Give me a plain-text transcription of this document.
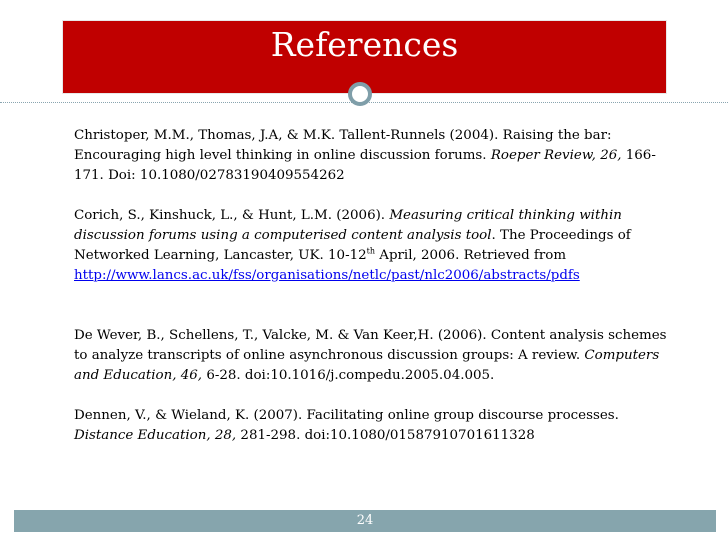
References

Christoper, M.M., Thomas, J.A, & M.K. Tallent-Runnels (2004). Raising the bar: Encouraging high level thinking in online discussion forums. Roeper Review, 26, 166-171. Doi: 10.1080/02783190409554262

Corich, S., Kinshuck, L., & Hunt, L.M. (2006). Measuring critical thinking within discussion forums using a computerised content analysis tool. The Proceedings of Networked Learning, Lancaster, UK. 10-12th April, 2006. Retrieved from
http://www.lancs.ac.uk/fss/organisations/netlc/past/nlc2006/abstracts/pdfs

De Wever, B., Schellens, T., Valcke, M. & Van Keer,H. (2006). Content analysis schemes to analyze transcripts of online asynchronous discussion groups: A review. Computers and Education, 46, 6-28. doi:10.1016/j.compedu.2005.04.005.

Dennen, V., & Wieland, K. (2007). Facilitating online group discourse processes. Distance Education, 28, 281-298. doi:10.1080/01587910701611328

24
